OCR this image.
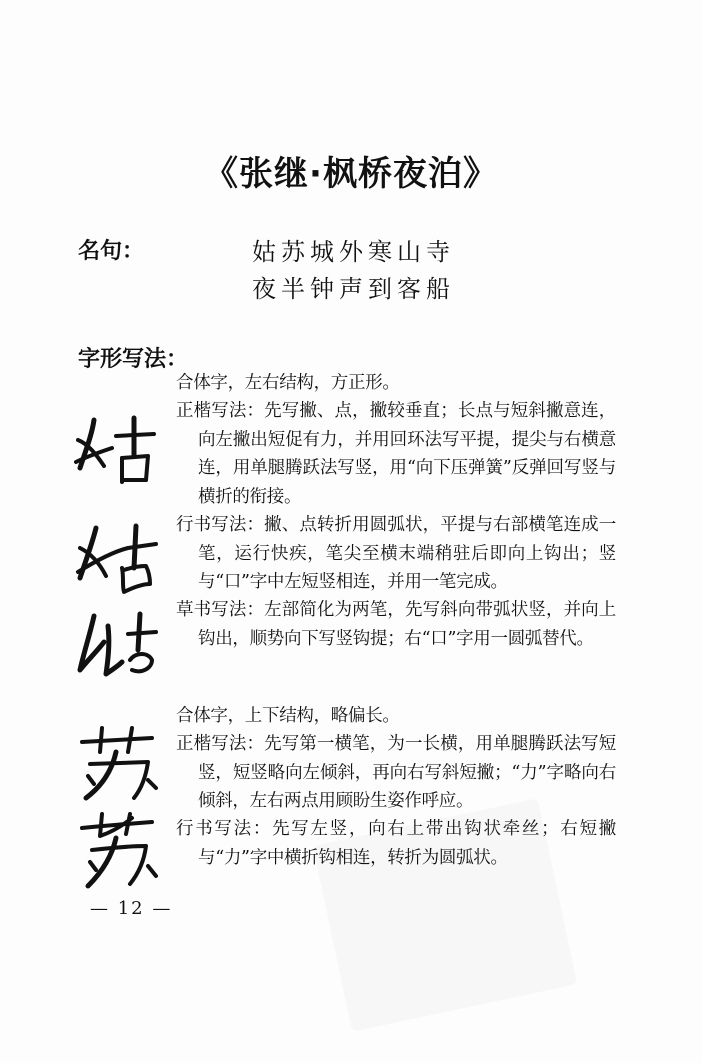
《张继·枫桥夜泊》
名句：	姑苏城外寒山寺
夜半钟声到客船
字形写法：
合体字，左右结构，方正形。
正楷写法：先写撇、点，撇较垂直；长点与短斜撇意连，向左撇出短促有力，并用回环法写平提，提尖与右横意连，用单腿腾跃法写竖，用“向下压弹簧”反弹回写竖与横折的衔接。
行书写法：撇、点转折用圆弧状，平提与右部横笔连成一笔，运行快疾，笔尖至横末端稍驻后即向上钩出；竖与“口”字中左短竖相连，并用一笔完成。
草书写法：左部简化为两笔，先写斜向带弧状竖，并向上钩出，顺势向下写竖钩提；右“口”字用一圆弧替代。
合体字，上下结构，略偏长。
正楷写法：先写第一横笔，为一长横，用单腿腾跃法写短竖，短竖略向左倾斜，再向右写斜短撇；“力”字略向右倾斜，左右两点用顾盼生姿作呼应。
行书写法：先写左竖，向右上带出钩状牵丝；右短撇与“力”字中横折钩相连，转折为圆弧状。
— 12 —
